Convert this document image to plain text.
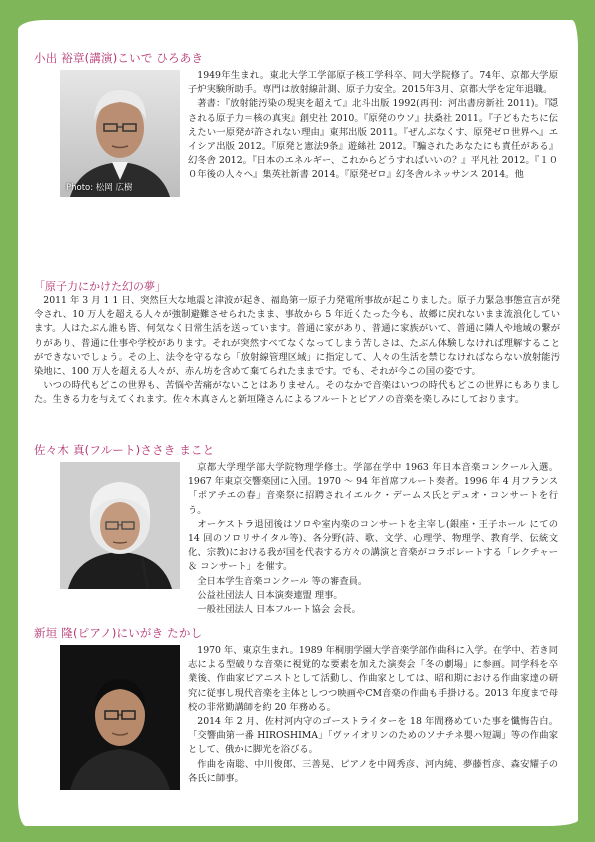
小出 裕章(講演)こいで ひろあき
Photo: 松岡 広樹

1949年生まれ。東北大学工学部原子核工学科卒、同大学院修了。74年、京都大学原子炉実験所助手。専門は放射線計測、原子力安全。2015年3月、京都大学を定年退職。

著書：『放射能汚染の現実を超えて』北斗出版 1992(再刊：河出書房新社 2011)。『隠される原子力＝核の真実』創史社 2010。『原発のウソ』扶桑社 2011。『子どもたちに伝えたい一原発が許されない理由』東邦出版 2011。『ぜんぶなくす、原発ゼロ世界へ』エイシア出版 2012。『原発と憲法9条』遊絲社 2012。『騙されたあなたにも責任がある』幻冬舎 2012。『日本のエネルギー、これからどうすればいいの？』平凡社 2012。『１００年後の人々へ』集英社新書 2014。『原発ゼロ』幻冬舎ルネッサンス 2014。他

「原子力にかけた幻の夢」

2011 年 3 月 1 1 日、突然巨大な地震と津波が起き、福島第一原子力発電所事故が起こりました。原子力緊急事態宣言が発令され、10 万人を超える人々が強制避難させられたまま、事故から 5 年近くたった今も、故郷に戻れないまま流浪化しています。人はたぶん誰も皆、何気なく日常生活を送っています。普通に家があり、普通に家族がいて、普通に隣人や地域の繋がりがあり、普通に仕事や学校があります。それが突然すべてなくなってしまう苦しさは、たぶん体験しなければ理解することができないでしょう。その上、法令を守るなら「放射線管理区域」に指定して、人々の生活を禁じなければならない放射能汚染地に、100 万人を超える人々が、赤ん坊を含めて棄てられたままです。でも、それが今この国の姿です。

いつの時代もどこの世界も、苦悩や苦痛がないことはありません。そのなかで音楽はいつの時代もどこの世界にもありました。生きる力を与えてくれます。佐々木真さんと新垣隆さんによるフルートとピアノの音楽を楽しみにしております。

佐々木 真(フルート)ささき まこと

京都大学理学部大学院物理学修士。学部在学中 1963 年日本音楽コンクール入選。1967 年東京交響楽団に入団。1970 ～ 94 年首席フルート奏者。1996 年 4 月フランス「ポアチエの春」音楽祭に招聘されイエルク・デームス氏とデュオ・コンサートを行う。

オーケストラ退団後はソロや室内楽のコンサートを主宰し(銀座・王子ホール にての 14 回のソロリサイタル等)、各分野(詩、歌、文学、心理学、物理学、教育学、伝統文化、宗教)における我が国を代表する方々の講演と音楽がコラボレートする「レクチャー ＆ コンサート」を催す。

全日本学生音楽コンクール 等の審査員。

公益社団法人 日本演奏連盟 理事。

一般社団法人 日本フルート協会 会長。

新垣 隆(ピアノ)にいがき たかし

1970 年、東京生まれ。1989 年桐朋学園大学音楽学部作曲科に入学。在学中、若き同志による型破りな音楽に視覚的な要素を加えた演奏会「冬の劇場」に参画。同学科を卒業後、作曲家ピアニストとして活動し、作曲家としては、昭和期における作曲家達の研究に従事し現代音楽を主体としつつ映画やCM音楽の作曲も手掛ける。2013 年度まで母校の非常勤講師を約 20 年務める。

2014 年 2 月、佐村河内守のゴーストライターを 18 年間務めていた事を懺悔告白。「交響曲第一番 HIROSHIMA」「ヴァイオリンのためのソナチネ嬰ハ短調」等の作曲家として、俄かに脚光を浴びる。

作曲を南聡、中川俊郎、三善晃、ピアノを中岡秀彦、河内純、夢藤哲彦、森安耀子の各氏に師事。
